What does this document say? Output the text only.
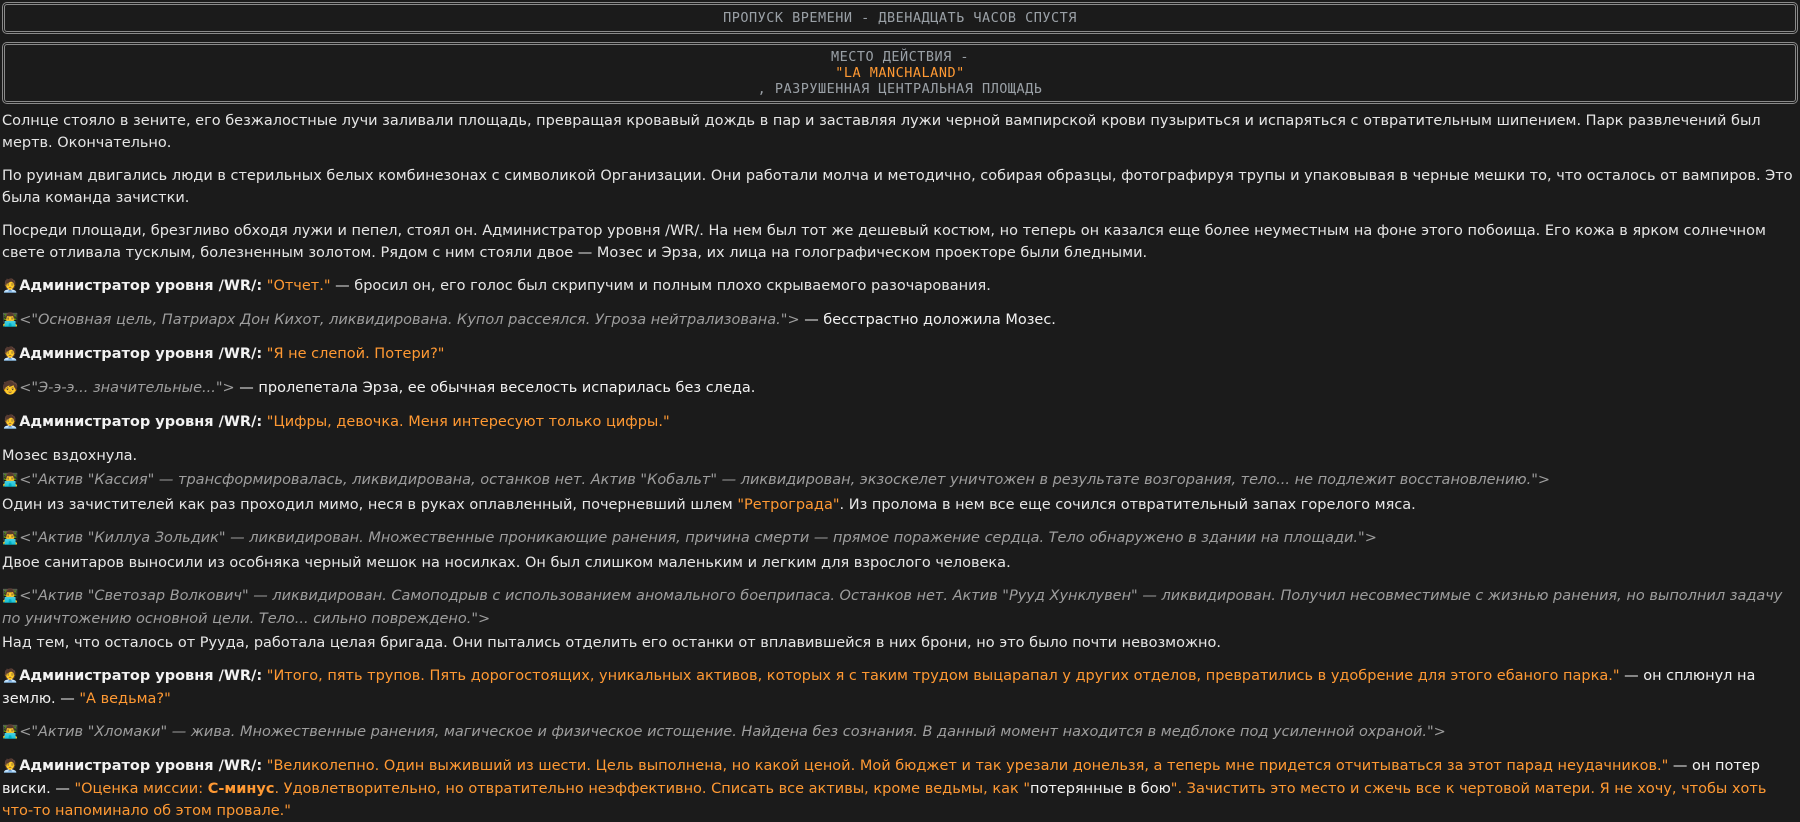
ПРОПУСК ВРЕМЕНИ - ДВЕНАДЦАТЬ ЧАСОВ СПУСТЯ
МЕСТО ДЕЙСТВИЯ -
"LA MANCHALAND"
, РАЗРУШЕННАЯ ЦЕНТРАЛЬНАЯ ПЛОЩАДЬ

Солнце стояло в зените, его безжалостные лучи заливали площадь, превращая кровавый дождь в пар и заставляя лужи черной вампирской крови пузыриться и испаряться с отвратительным шипением. Парк развлечений был мертв. Окончательно.

По руинам двигались люди в стерильных белых комбинезонах с символикой Организации. Они работали молча и методично, собирая образцы, фотографируя трупы и упаковывая в черные мешки то, что осталось от вампиров. Это была команда зачистки.

Посреди площади, брезгливо обходя лужи и пепел, стоял он. Администратор уровня /WR/. На нем был тот же дешевый костюм, но теперь он казался еще более неуместным на фоне этого побоища. Его кожа в ярком солнечном свете отливала тусклым, болезненным золотом. Рядом с ним стояли двое — Мозес и Эрза, их лица на голографическом проекторе были бледными.

🧑‍💼Администратор уровня /WR/: "Отчет." — бросил он, его голос был скрипучим и полным плохо скрываемого разочарования.

👨‍💻<"Основная цель, Патриарх Дон Кихот, ликвидирована. Купол рассеялся. Угроза нейтрализована."> — бесстрастно доложила Мозес.

🧑‍💼Администратор уровня /WR/: "Я не слепой. Потери?"

🧒<"Э-э-э... значительные..."> — пролепетала Эрза, ее обычная веселость испарилась без следа.

🧑‍💼Администратор уровня /WR/: "Цифры, девочка. Меня интересуют только цифры."

Мозес вздохнула.

👨‍💻<"Актив "Кассия" — трансформировалась, ликвидирована, останков нет. Актив "Кобальт" — ликвидирован, экзоскелет уничтожен в результате возгорания, тело... не подлежит восстановлению.">

Один из зачистителей как раз проходил мимо, неся в руках оплавленный, почерневший шлем "Ретроградa". Из пролома в нем все еще сочился отвратительный запах горелого мяса.

👨‍💻<"Актив "Киллуа Зольдик" — ликвидирован. Множественные проникающие ранения, причина смерти — прямое поражение сердца. Тело обнаружено в здании на площади.">

Двое санитаров выносили из особняка черный мешок на носилках. Он был слишком маленьким и легким для взрослого человека.

👨‍💻<"Актив "Светозар Волкович" — ликвидирован. Самоподрыв с использованием аномального боеприпаса. Останков нет. Актив "Рууд Хунклувен" — ликвидирован. Получил несовместимые с жизнью ранения, но выполнил задачу по уничтожению основной цели. Тело... сильно повреждено.">

Над тем, что осталось от Рууда, работала целая бригада. Они пытались отделить его останки от вплавившейся в них брони, но это было почти невозможно.

🧑‍💼Администратор уровня /WR/: "Итого, пять трупов. Пять дорогостоящих, уникальных активов, которых я с таким трудом выцарапал у других отделов, превратились в удобрение для этого ебаного парка." — он сплюнул на землю. — "А ведьма?"

👨‍💻<"Актив "Хломаки" — жива. Множественные ранения, магическое и физическое истощение. Найдена без сознания. В данный момент находится в медблоке под усиленной охраной.">

🧑‍💼Администратор уровня /WR/: "Великолепно. Один выживший из шести. Цель выполнена, но какой ценой. Мой бюджет и так урезали донельзя, а теперь мне придется отчитываться за этот парад неудачников." — он потер виски. — "Оценка миссии: С-минус. Удовлетворительно, но отвратительно неэффективно. Списать все активы, кроме ведьмы, как "потерянные в бою". Зачистить это место и сжечь все к чертовой матери. Я не хочу, чтобы хоть что-то напоминало об этом провале."
